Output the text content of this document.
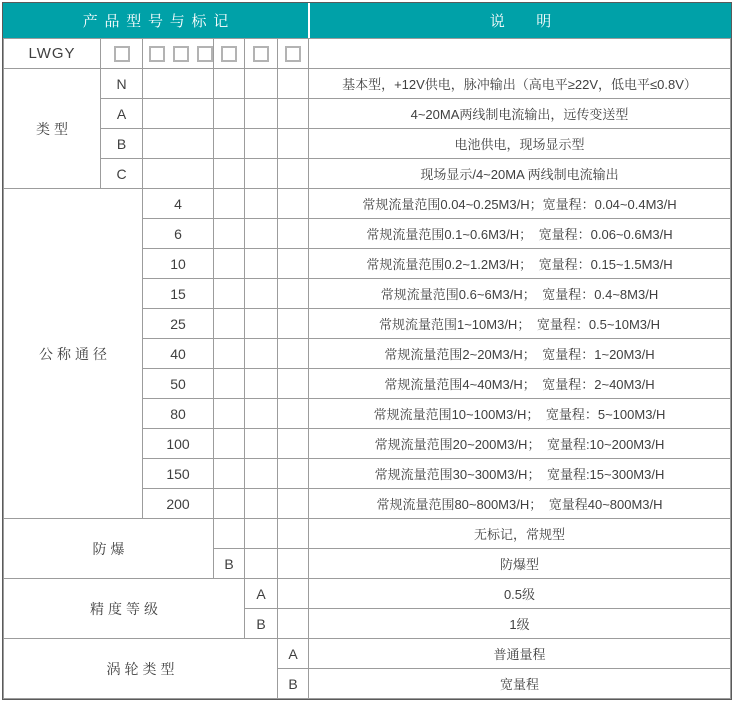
产品型号与标记	说明
LWGY						
类型	N					基本型，+12V供电，脉冲输出（高电平≥22V，低电平≤0.8V）
	A					4~20MA两线制电流输出，远传变送型
	B					电池供电，现场显示型
	C					现场显示/4~20MA 两线制电流输出
公称通径		4				常规流量范围0.04~0.25M3/H；宽量程：0.04~0.4M3/H
		6				常规流量范围0.1~0.6M3/H；　宽量程：0.06~0.6M3/H
		10				常规流量范围0.2~1.2M3/H；　宽量程：0.15~1.5M3/H
		15				常规流量范围0.6~6M3/H；　宽量程：0.4~8M3/H
		25				常规流量范围1~10M3/H；　宽量程：0.5~10M3/H
		40				常规流量范围2~20M3/H；　宽量程：1~20M3/H
		50				常规流量范围4~40M3/H；　宽量程：2~40M3/H
		80				常规流量范围10~100M3/H；　宽量程：5~100M3/H
		100				常规流量范围20~200M3/H；　宽量程:10~200M3/H
		150				常规流量范围30~300M3/H；　宽量程:15~300M3/H
		200				常规流量范围80~800M3/H；　宽量程40~800M3/H
防爆						无标记，常规型
			B			防爆型
精度等级				A		0.5级
				B		1级
涡轮类型					A	普通量程
					B	宽量程
